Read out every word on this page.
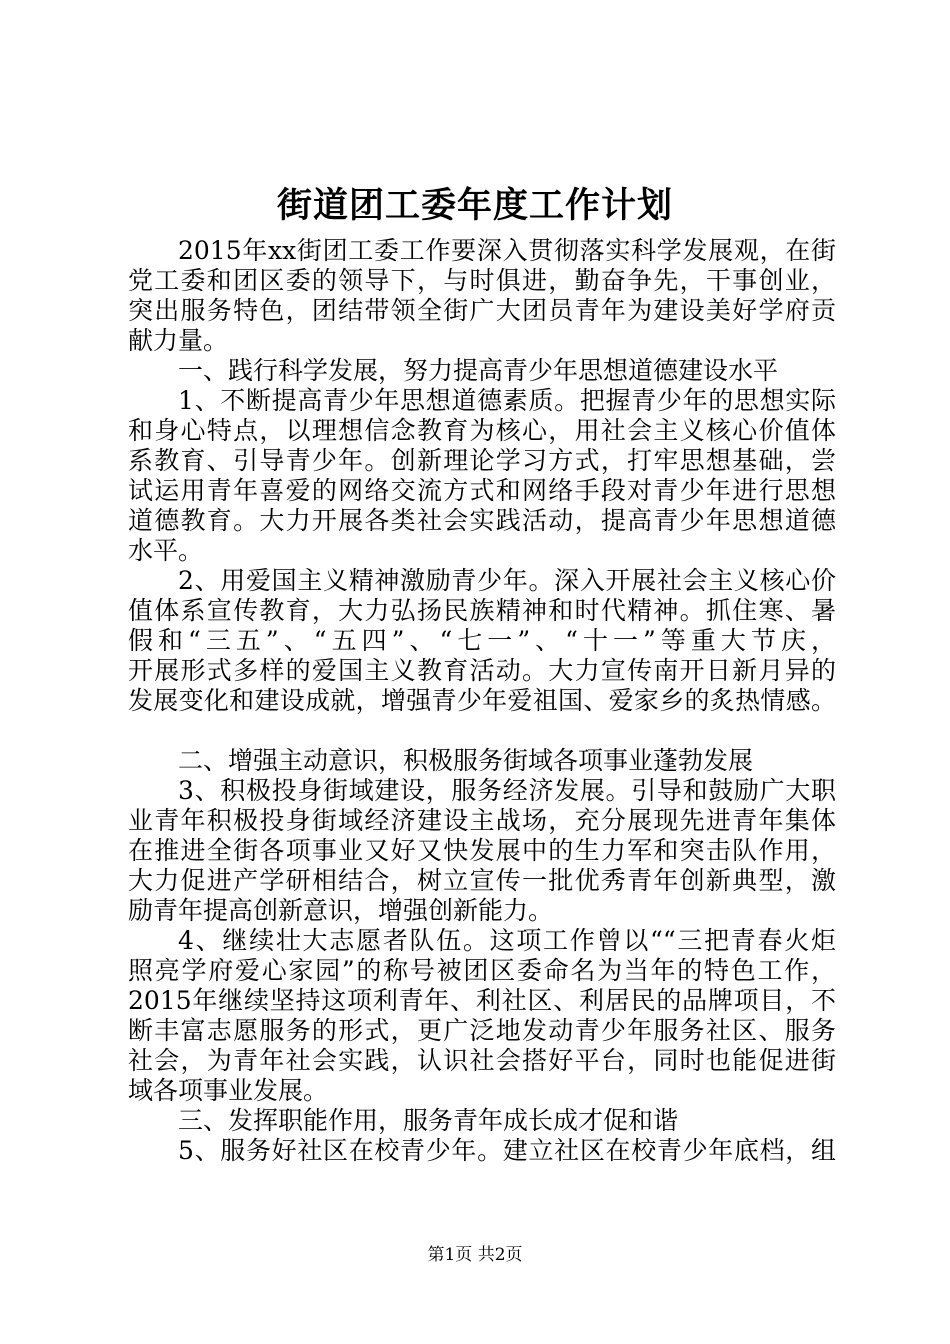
街道团工委年度工作计划
2015年xx街团工委工作要深入贯彻落实科学发展观，在街
党工委和团区委的领导下，与时俱进，勤奋争先，干事创业，
突出服务特色，团结带领全街广大团员青年为建设美好学府贡
献力量。
一、践行科学发展，努力提高青少年思想道德建设水平
1、不断提高青少年思想道德素质。把握青少年的思想实际
和身心特点，以理想信念教育为核心，用社会主义核心价值体
系教育、引导青少年。创新理论学习方式，打牢思想基础，尝
试运用青年喜爱的网络交流方式和网络手段对青少年进行思想
道德教育。大力开展各类社会实践活动，提高青少年思想道德
水平。
2、用爱国主义精神激励青少年。深入开展社会主义核心价
值体系宣传教育，大力弘扬民族精神和时代精神。抓住寒、暑
假和“三五”、“五四”、“七一”、“十一”等重大节庆，
开展形式多样的爱国主义教育活动。大力宣传南开日新月异的
发展变化和建设成就，增强青少年爱祖国、爱家乡的炙热情感。
二、增强主动意识，积极服务街域各项事业蓬勃发展
3、积极投身街域建设，服务经济发展。引导和鼓励广大职
业青年积极投身街域经济建设主战场，充分展现先进青年集体
在推进全街各项事业又好又快发展中的生力军和突击队作用，
大力促进产学研相结合，树立宣传一批优秀青年创新典型，激
励青年提高创新意识，增强创新能力。
4、继续壮大志愿者队伍。这项工作曾以““三把青春火炬
照亮学府爱心家园”的称号被团区委命名为当年的特色工作，
2015年继续坚持这项利青年、利社区、利居民的品牌项目，不
断丰富志愿服务的形式，更广泛地发动青少年服务社区、服务
社会，为青年社会实践，认识社会搭好平台，同时也能促进街
域各项事业发展。
三、发挥职能作用，服务青年成长成才促和谐
5、服务好社区在校青少年。建立社区在校青少年底档，组
第1页 共2页
